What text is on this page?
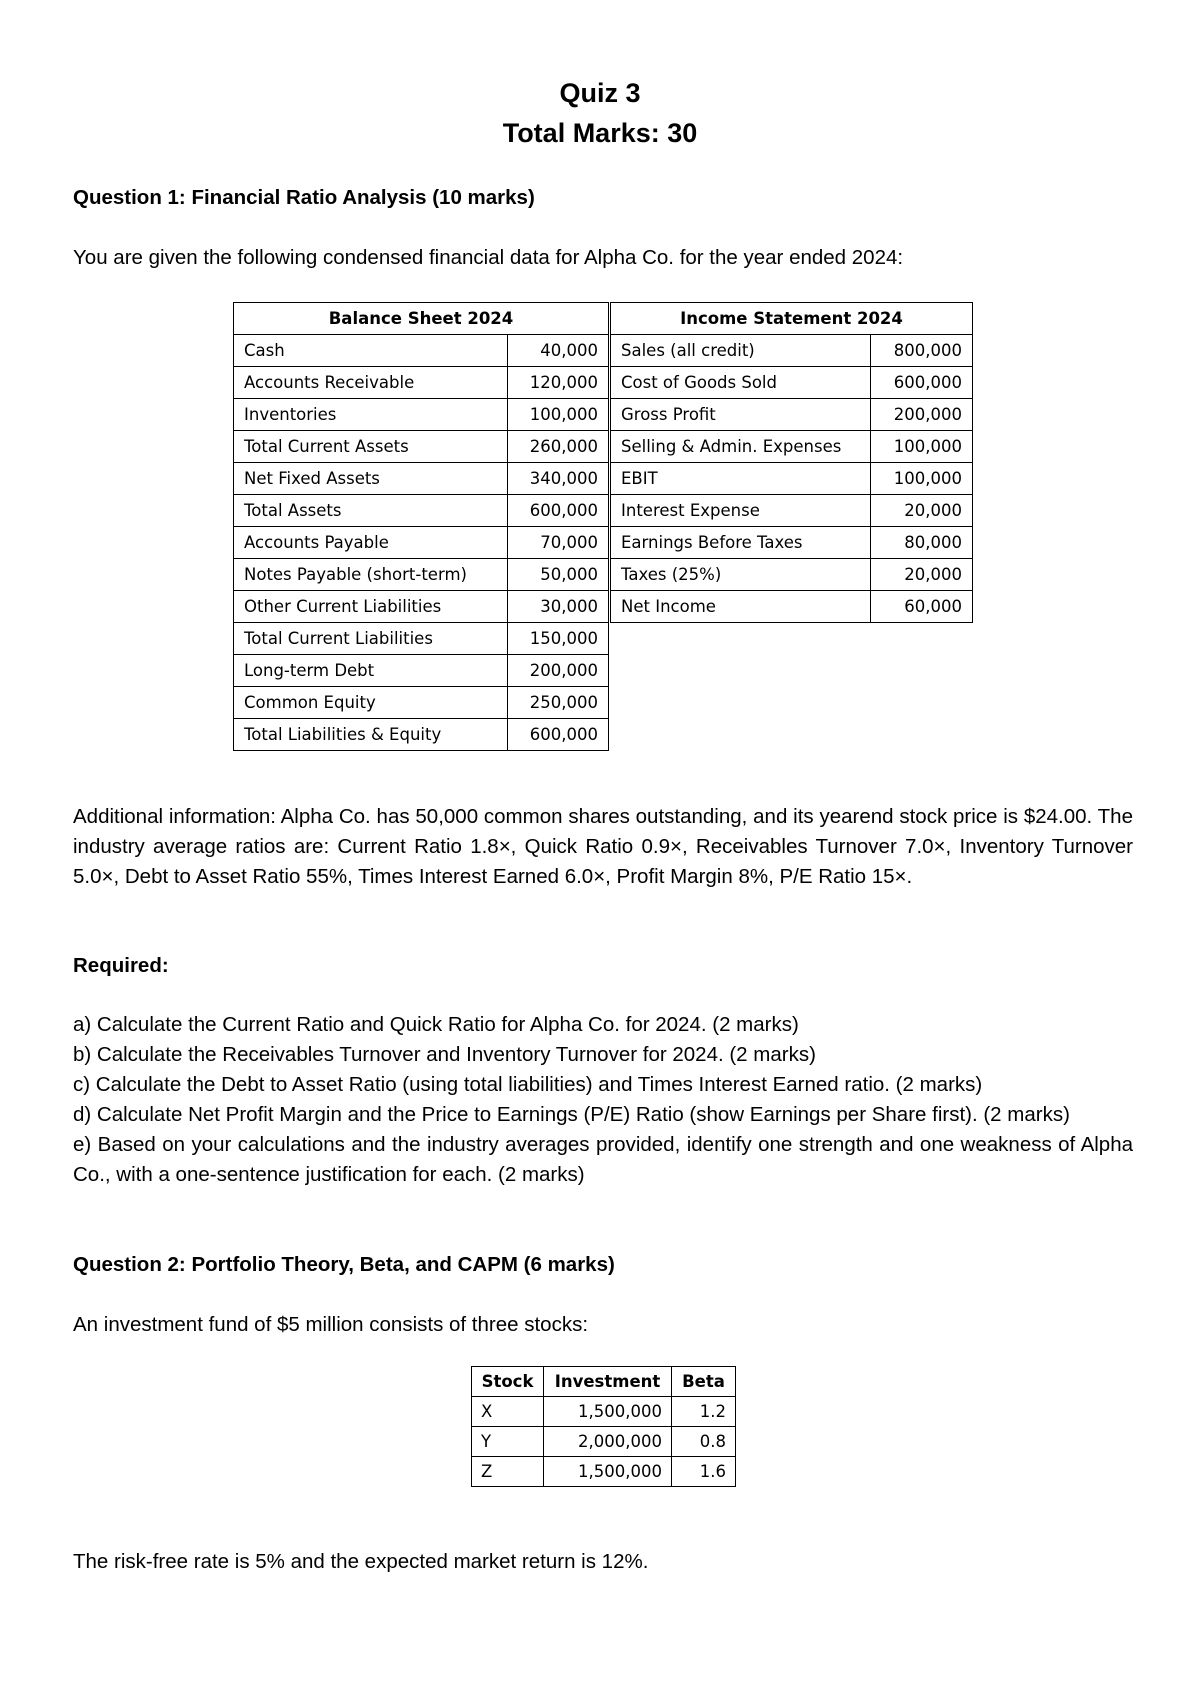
Quiz 3
Total Marks: 30

Question 1: Financial Ratio Analysis (10 marks)

You are given the following condensed financial data for Alpha Co. for the year ended 2024:

Balance Sheet 2024			Income Statement 2024	
Cash	40,000		Sales (all credit)	800,000
Accounts Receivable	120,000		Cost of Goods Sold	600,000
Inventories	100,000		Gross Profit	200,000
Total Current Assets	260,000		Selling & Admin. Expenses	100,000
Net Fixed Assets	340,000		EBIT	100,000
Total Assets	600,000		Interest Expense	20,000
Accounts Payable	70,000		Earnings Before Taxes	80,000
Notes Payable (short-term)	50,000		Taxes (25%)	20,000
Other Current Liabilities	30,000		Net Income	60,000
Total Current Liabilities	150,000			
Long-term Debt	200,000			
Common Equity	250,000			
Total Liabilities & Equity	600,000			

Additional information: Alpha Co. has 50,000 common shares outstanding, and its yearend stock price is $24.00. The industry average ratios are: Current Ratio 1.8×, Quick Ratio 0.9×, Receivables Turnover 7.0×, Inventory Turnover 5.0×, Debt to Asset Ratio 55%, Times Interest Earned 6.0×, Profit Margin 8%, P/E Ratio 15×.

Required:

a) Calculate the Current Ratio and Quick Ratio for Alpha Co. for 2024. (2 marks)
b) Calculate the Receivables Turnover and Inventory Turnover for 2024. (2 marks)
c) Calculate the Debt to Asset Ratio (using total liabilities) and Times Interest Earned ratio. (2 marks)
d) Calculate Net Profit Margin and the Price to Earnings (P/E) Ratio (show Earnings per Share first). (2 marks)
e) Based on your calculations and the industry averages provided, identify one strength and one weakness of Alpha Co., with a one-sentence justification for each. (2 marks)

Question 2: Portfolio Theory, Beta, and CAPM (6 marks)

An investment fund of $5 million consists of three stocks:

Stock	Investment	Beta
X	1,500,000	1.2
Y	2,000,000	0.8
Z	1,500,000	1.6

The risk-free rate is 5% and the expected market return is 12%.
